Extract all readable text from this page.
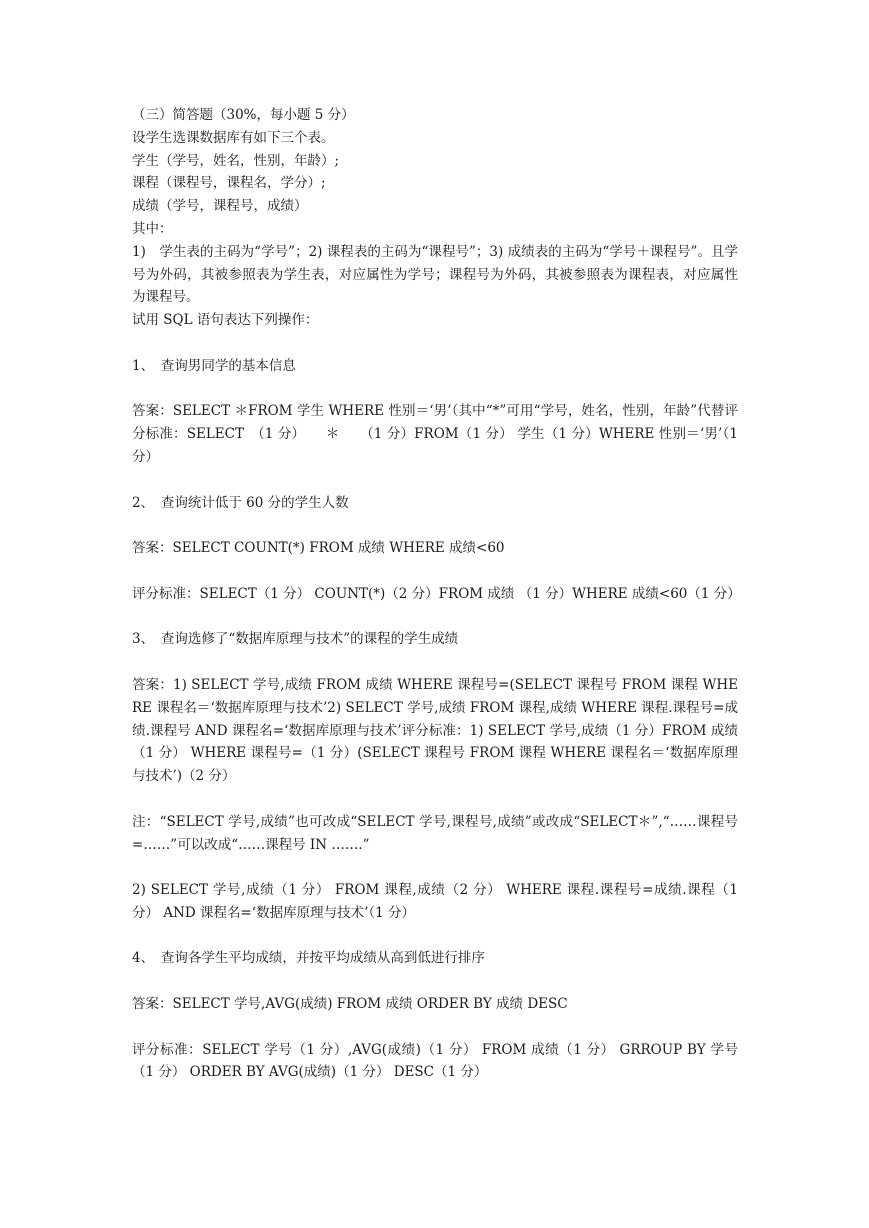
（三）简答题（30%，每小题 5 分）

设学生选课数据库有如下三个表。

学生（学号，姓名，性别，年龄）;

课程（课程号，课程名，学分）;

成绩（学号，课程号，成绩）

其中：

1)　学生表的主码为“学号”；2) 课程表的主码为“课程号”；3) 成绩表的主码为“学号＋课程号”。且学号为外码，其被参照表为学生表，对应属性为学号；课程号为外码，其被参照表为课程表，对应属性为课程号。

试用 SQL 语句表达下列操作：

1、　查询男同学的基本信息

答案：SELECT ＊FROM 学生 WHERE 性别＝‘男’（其中“*”可用“学号，姓名，性别，年龄”代替评分标准：SELECT　（1 分）　　＊　　（1 分）FROM（1 分） 学生（1 分）WHERE 性别＝‘男’（1 分）

2、　查询统计低于 60 分的学生人数

答案：SELECT COUNT(*) FROM 成绩 WHERE 成绩<60

评分标准：SELECT（1 分） COUNT(*)（2 分）FROM 成绩 （1 分）WHERE 成绩<60（1 分）

3、　查询选修了“数据库原理与技术”的课程的学生成绩

答案：1) SELECT 学号,成绩 FROM 成绩 WHERE 课程号=(SELECT 课程号 FROM 课程 WHERE 课程名＝‘数据库原理与技术’2) SELECT 学号,成绩 FROM 课程,成绩 WHERE 课程.课程号=成绩.课程号 AND 课程名=‘数据库原理与技术’评分标准：1) SELECT 学号,成绩（1 分）FROM 成绩（1 分） WHERE 课程号=（1 分）(SELECT 课程号 FROM 课程 WHERE 课程名＝‘数据库原理与技术’)（2 分）

注：“SELECT 学号,成绩”也可改成“SELECT 学号,课程号,成绩”或改成“SELECT＊”,“……课程号=……”可以改成“……课程号 IN …….”

2) SELECT 学号,成绩（1 分） FROM 课程,成绩（2 分） WHERE 课程.课程号=成绩.课程（1 分） AND 课程名=‘数据库原理与技术’（1 分）

4、　查询各学生平均成绩，并按平均成绩从高到低进行排序

答案：SELECT 学号,AVG(成绩) FROM 成绩 ORDER BY 成绩 DESC

评分标准：SELECT 学号（1 分）,AVG(成绩)（1 分） FROM 成绩（1 分） GRROUP BY 学号（1 分） ORDER BY AVG(成绩)（1 分） DESC（1 分）
